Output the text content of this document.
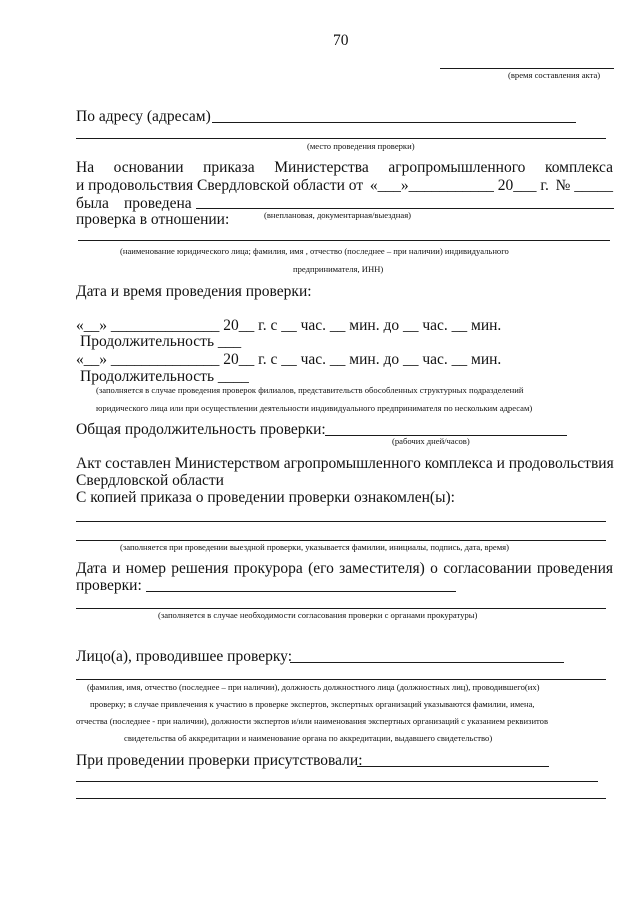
70
(время составления акта)
По адресу (адресам)
(место проведения проверки)
На основании приказа Министерства агропромышленного комплекса
и продовольствия Свердловской области от «___»___________ 20___ г. № _____
была проведена
проверка в отношении:	(внеплановая, документарная/выездная)
(наименование юридического лица; фамилия, имя , отчество (последнее – при наличии) индивидуального
предпринимателя, ИНН)
Дата и время проведения проверки:
«__» ______________ 20__ г. с __ час. __ мин. до __ час. __ мин.
Продолжительность ___
«__» ______________ 20__ г. с __ час. __ мин. до __ час. __ мин.
Продолжительность ____
(заполняется в случае проведения проверок филиалов, представительств обособленных структурных подразделений
юридического лица или при осуществлении деятельности индивидуального предпринимателя по нескольким адресам)
Общая продолжительность проверки:
(рабочих дней/часов)
Акт составлен Министерством агропромышленного комплекса и продовольствия
Свердловской области
С копией приказа о проведении проверки ознакомлен(ы):
(заполняется при проведении выездной проверки, указывается фамилии, инициалы, подпись, дата, время)
Дата и номер решения прокурора (его заместителя) о согласовании проведения
проверки:
(заполняется в случае необходимости согласования проверки с органами прокуратуры)
Лицо(а), проводившее проверку:
(фамилия, имя, отчество (последнее – при наличии), должность должностного лица (должностных лиц), проводившего(их)
проверку; в случае привлечения к участию в проверке экспертов, экспертных организаций указываются фамилии, имена,
отчества (последнее - при наличии), должности экспертов и/или наименования экспертных организаций с указанием реквизитов
свидетельства об аккредитации и наименование органа по аккредитации, выдавшего свидетельство)
При проведении проверки присутствовали:
